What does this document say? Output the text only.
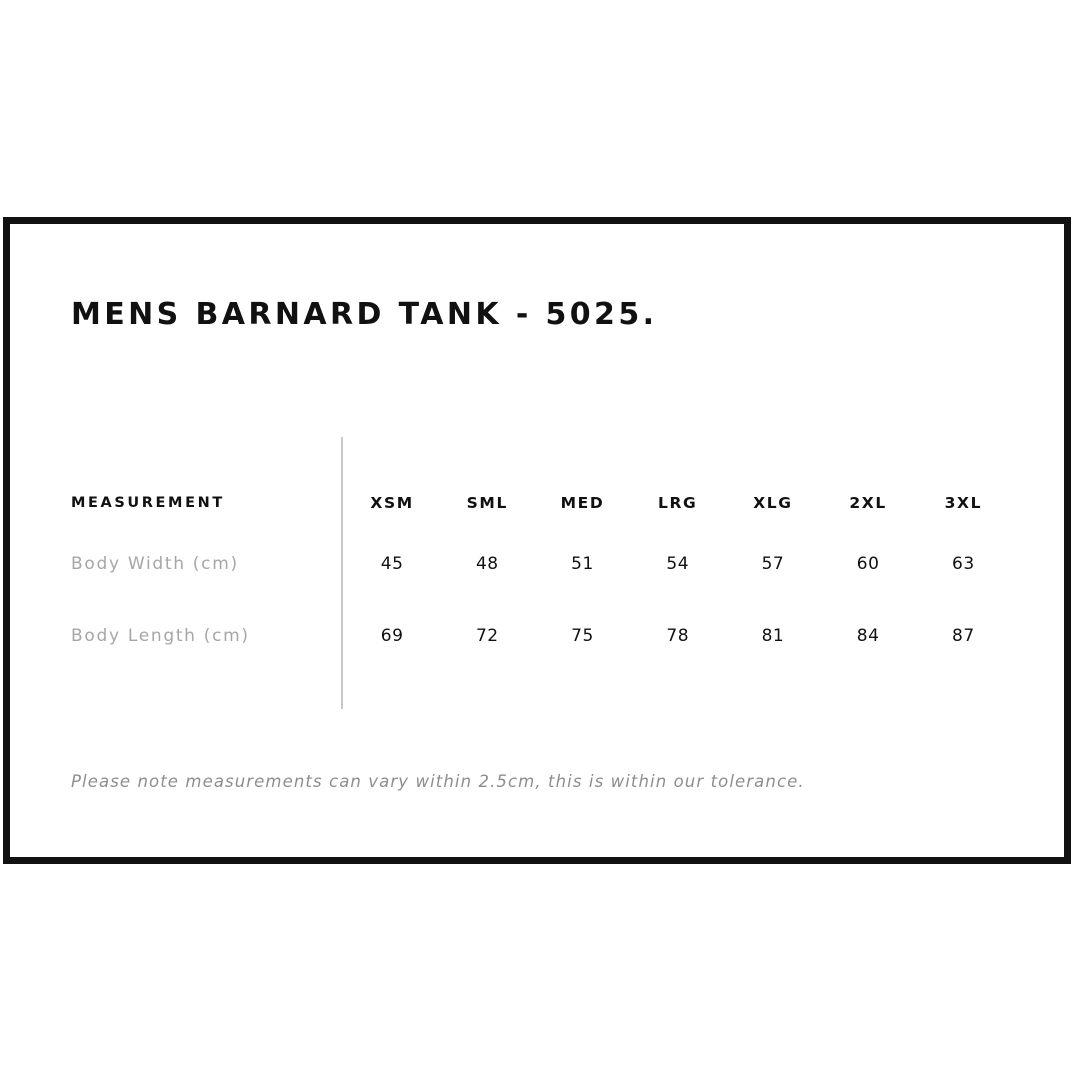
MENS BARNARD TANK - 5025.
MEASUREMENT	XSM	SML	MED	LRG	XLG	2XL	3XL
Body Width (cm)	45	48	51	54	57	60	63
Body Length (cm)	69	72	75	78	81	84	87
Please note measurements can vary within 2.5cm, this is within our tolerance.
